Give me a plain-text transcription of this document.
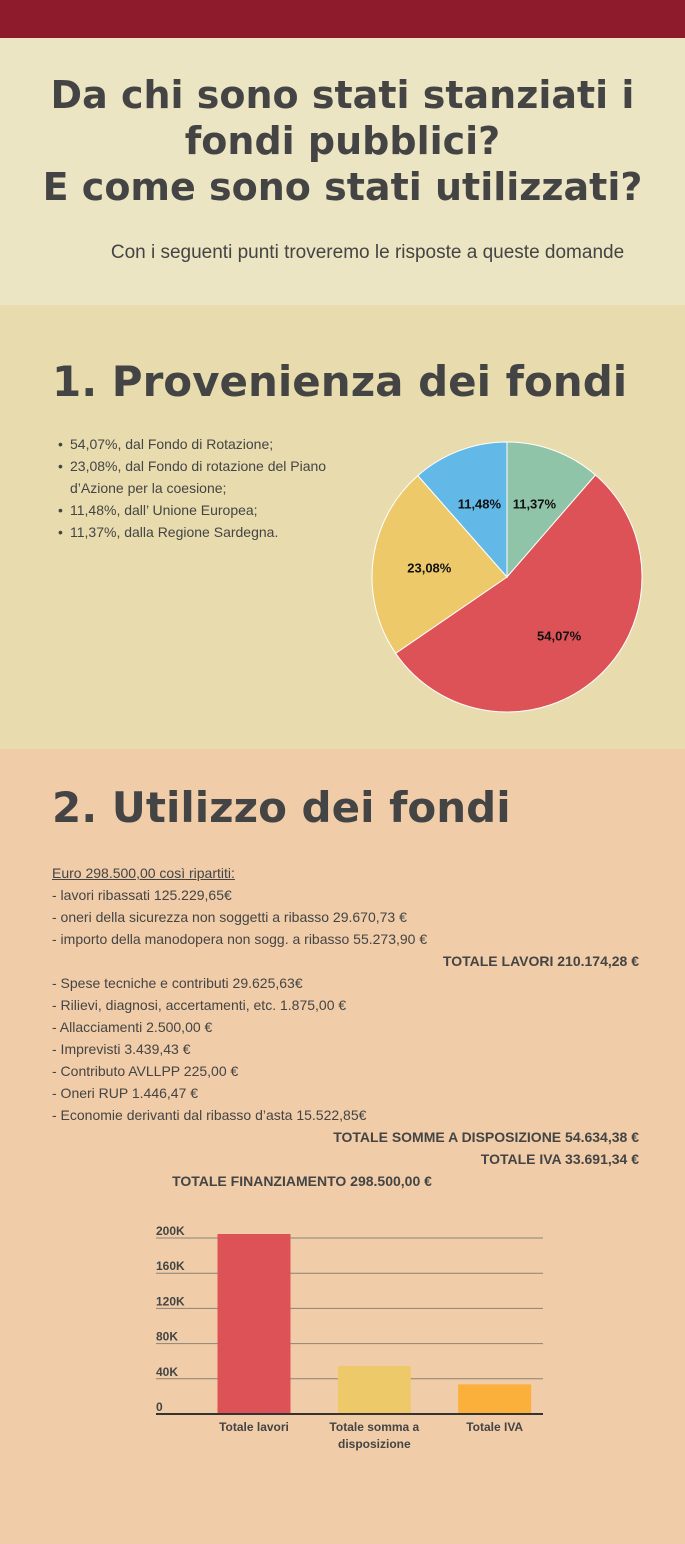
Da chi sono stati stanziati i
fondi pubblici?
E come sono stati utilizzati?
Con i seguenti punti troveremo le risposte a queste domande
1. Provenienza dei fondi
• 54,07%, dal Fondo di Rotazione;
• 23,08%, dal Fondo di rotazione del Piano d’Azione per la coesione;
• 11,48%, dall’ Unione Europea;
• 11,37%, dalla Regione Sardegna.
11,37%
54,07%
23,08%
11,48%
2. Utilizzo dei fondi
Euro 298.500,00 così ripartiti:
- lavori ribassati 125.229,65€
- oneri della sicurezza non soggetti a ribasso 29.670,73 €
- importo della manodopera non sogg. a ribasso 55.273,90 €
TOTALE LAVORI 210.174,28 €
- Spese tecniche e contributi 29.625,63€
- Rilievi, diagnosi, accertamenti, etc. 1.875,00 €
- Allacciamenti 2.500,00 €
- Imprevisti 3.439,43 €
- Contributo AVLLPP 225,00 €
- Oneri RUP 1.446,47 €
- Economie derivanti dal ribasso d’asta 15.522,85€
TOTALE SOMME A DISPOSIZIONE 54.634,38 €
TOTALE IVA 33.691,34 €
TOTALE FINANZIAMENTO 298.500,00 €
0
40K
80K
120K
160K
200K
Totale lavori	Totale somma a
disposizione
Totale IVA
